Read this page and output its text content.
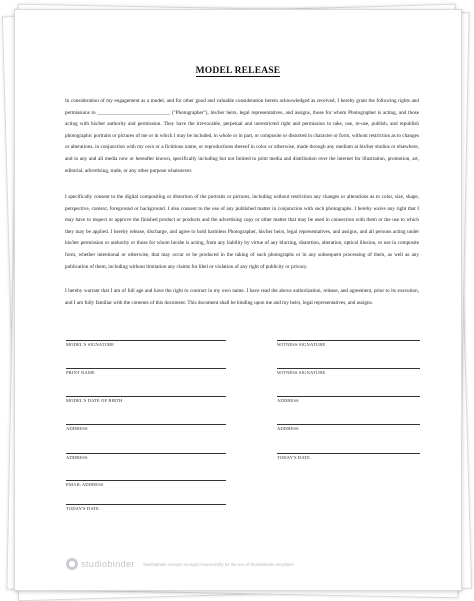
MODEL RELEASE

In consideration of my engagement as a model, and for other good and valuable consideration herein acknowledged as received, I hereby grant the following rights and permissions to ____________________________ ("Photographer"), his/her heirs, legal representatives, and assigns, those for whom Photographer is acting, and those acting with his/her authority and permission. They have the irrevocable, perpetual and unrestricted right and permission to take, use, re-use, publish, and republish photographic portraits or pictures of me or in which I may be included, in whole or in part, or composite or distorted in character or form, without restriction as to changes or alterations, in conjunction with my own or a fictitious name, or reproductions thereof in color or otherwise, made through any medium at his/her studios or elsewhere, and in any and all media now or hereafter known, specifically including but not limited to print media and distribution over the internet for illustration, promotion, art, editorial, advertising, trade, or any other purpose whatsoever.

I specifically consent to the digital compositing or distortion of the portraits or pictures, including without restriction any changes or alterations as to color, size, shape, perspective, context, foreground or background. I also consent to the use of any published matter in conjunction with such photographs. I hereby waive any right that I may have to inspect or approve the finished product or products and the advertising copy or other matter that may be used in connection with them or the use to which they may be applied. I hereby release, discharge, and agree to hold harmless Photographer, his/her heirs, legal representatives, and assigns, and all persons acting under his/her permission or authority or those for whom he/she is acting, from any liability by virtue of any blurring, distortion, alteration, optical illusion, or use in composite form, whether intentional or otherwise, that may occur or be produced in the taking of such photographs or in any subsequent processing of them, as well as any publication of them, including without limitation any claims for libel or violation of any right of publicity or privacy.

I hereby warrant that I am of full age and have the right to contract in my own name. I have read the above authorization, release, and agreement, prior to its execution, and I am fully familiar with the contents of this document. This document shall be binding upon me and my heirs, legal representatives, and assigns.

MODEL'S SIGNATURE
PRINT NAME
MODEL'S DATE OF BIRTH
ADDRESS
ADDRESS
EMAIL ADDRESS
TODAY'S DATE
WITNESS SIGNATURE
WITNESS SIGNATURE
ADDRESS
ADDRESS
TODAY'S DATE
studiobinder StudioBinder accepts no legal responsibility for the use of StudioBinder templates
